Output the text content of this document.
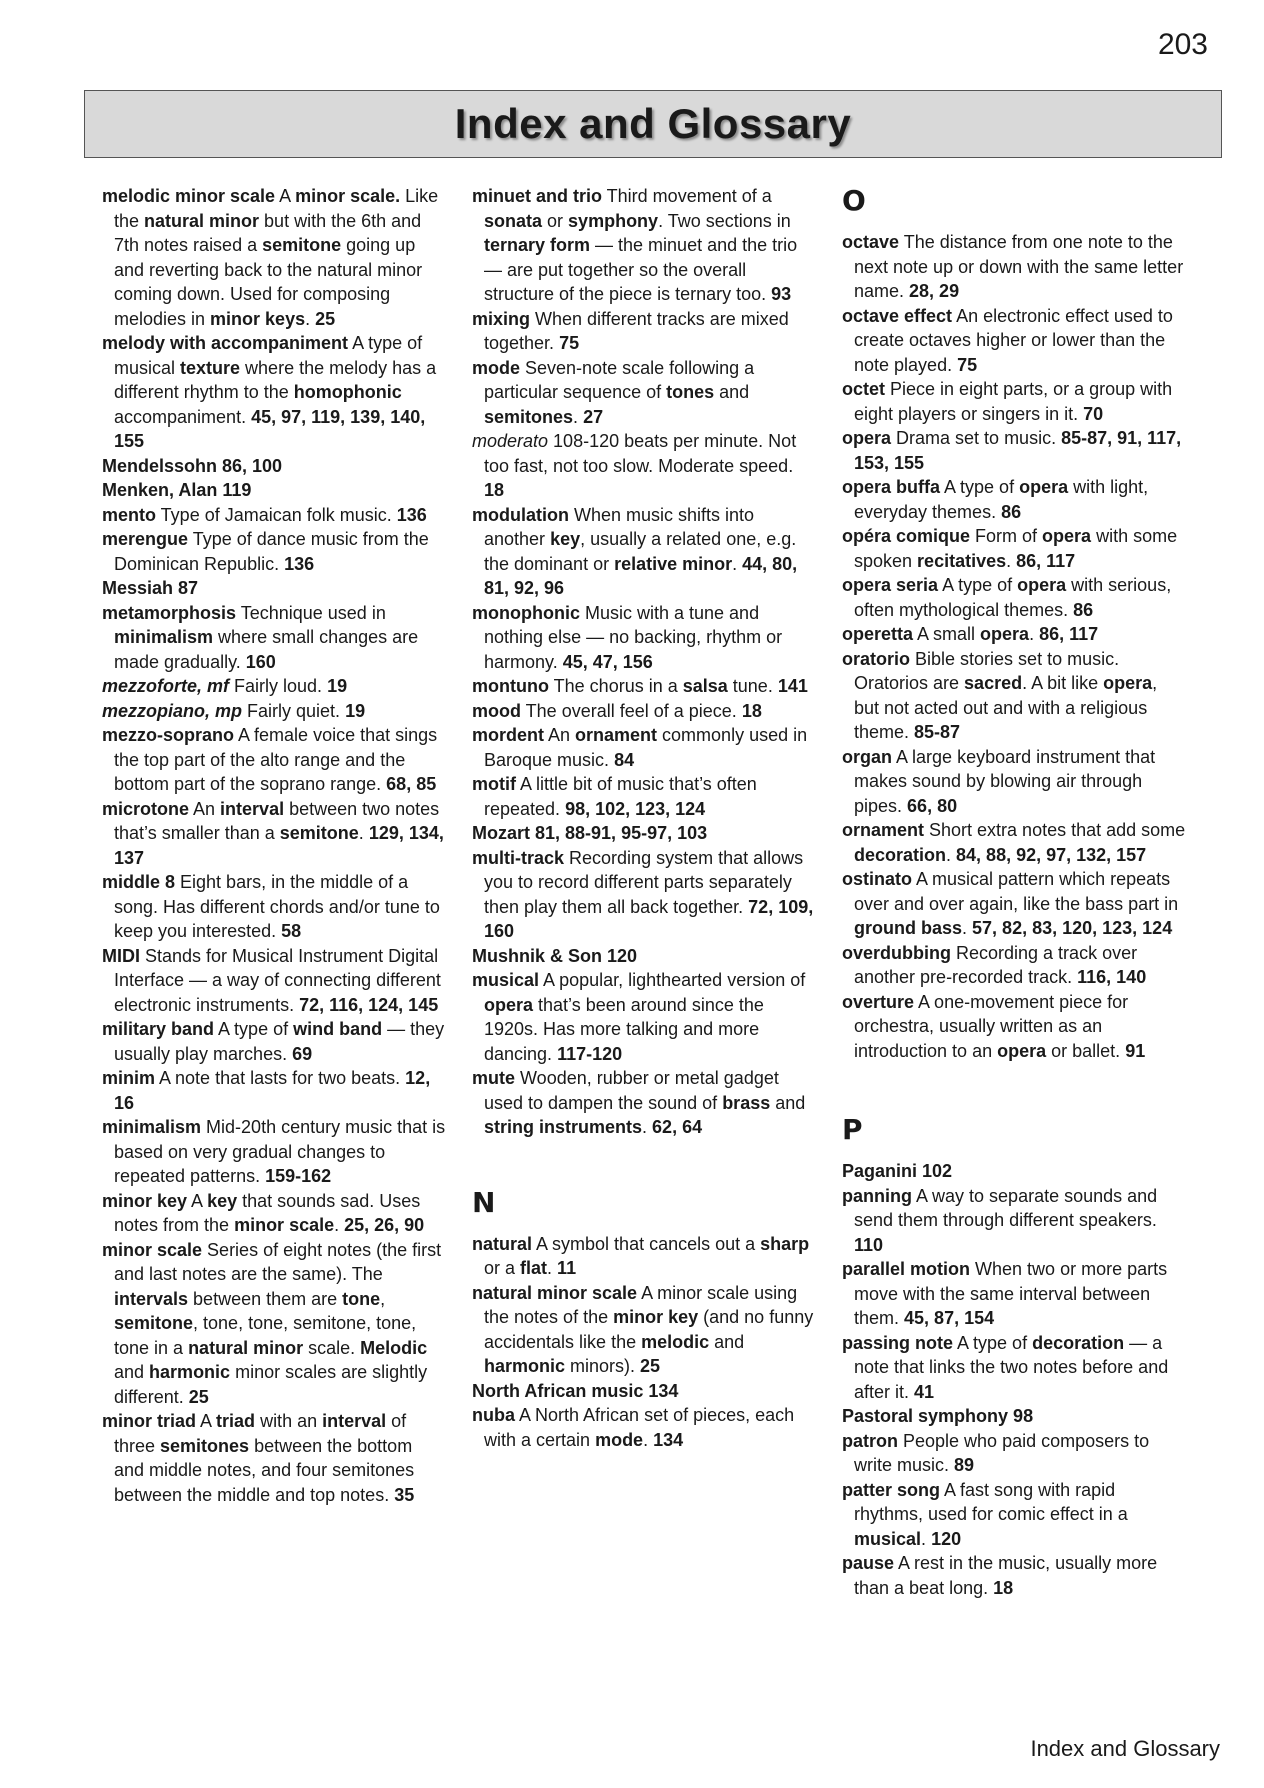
203
Index and Glossary

melodic minor scale A minor scale. Like the natural minor but with the 6th and 7th notes raised a semitone going up and reverting back to the natural minor coming down. Used for composing melodies in minor keys. 25

melody with accompaniment A type of musical texture where the melody has a different rhythm to the homophonic accompaniment. 45, 97, 119, 139, 140, 155

Mendelssohn 86, 100

Menken, Alan 119

mento Type of Jamaican folk music. 136

merengue Type of dance music from the Dominican Republic. 136

Messiah 87

metamorphosis Technique used in minimalism where small changes are made gradually. 160

mezzoforte, mf Fairly loud. 19

mezzopiano, mp Fairly quiet. 19

mezzo-soprano A female voice that sings the top part of the alto range and the bottom part of the soprano range. 68, 85

microtone An interval between two notes that’s smaller than a semitone. 129, 134, 137

middle 8 Eight bars, in the middle of a song. Has different chords and/or tune to keep you interested. 58

MIDI Stands for Musical Instrument Digital Interface — a way of connecting different electronic instruments. 72, 116, 124, 145

military band A type of wind band — they usually play marches. 69

minim A note that lasts for two beats. 12, 16

minimalism Mid-20th century music that is based on very gradual changes to repeated patterns. 159-162

minor key A key that sounds sad. Uses notes from the minor scale. 25, 26, 90

minor scale Series of eight notes (the first and last notes are the same). The intervals between them are tone, semitone, tone, tone, semitone, tone, tone in a natural minor scale. Melodic and harmonic minor scales are slightly different. 25

minor triad A triad with an interval of three semitones between the bottom and middle notes, and four semitones between the middle and top notes. 35

minuet and trio Third movement of a sonata or symphony. Two sections in ternary form — the minuet and the trio — are put together so the overall structure of the piece is ternary too. 93

mixing When different tracks are mixed together. 75

mode Seven-note scale following a particular sequence of tones and semitones. 27

moderato 108-120 beats per minute. Not too fast, not too slow. Moderate speed. 18

modulation When music shifts into another key, usually a related one, e.g. the dominant or relative minor. 44, 80, 81, 92, 96

monophonic Music with a tune and nothing else — no backing, rhythm or harmony. 45, 47, 156

montuno The chorus in a salsa tune. 141

mood The overall feel of a piece. 18

mordent An ornament commonly used in Baroque music. 84

motif A little bit of music that’s often repeated. 98, 102, 123, 124

Mozart 81, 88-91, 95-97, 103

multi-track Recording system that allows you to record different parts separately then play them all back together. 72, 109, 160

Mushnik & Son 120

musical A popular, lighthearted version of opera that’s been around since the 1920s. Has more talking and more dancing. 117-120

mute Wooden, rubber or metal gadget used to dampen the sound of brass and string instruments. 62, 64

N

natural A symbol that cancels out a sharp or a flat. 11

natural minor scale A minor scale using the notes of the minor key (and no funny accidentals like the melodic and harmonic minors). 25

North African music 134

nuba A North African set of pieces, each with a certain mode. 134

O

octave The distance from one note to the next note up or down with the same letter name. 28, 29

octave effect An electronic effect used to create octaves higher or lower than the note played. 75

octet Piece in eight parts, or a group with eight players or singers in it. 70

opera Drama set to music. 85-87, 91, 117, 153, 155

opera buffa A type of opera with light, everyday themes. 86

opéra comique Form of opera with some spoken recitatives. 86, 117

opera seria A type of opera with serious, often mythological themes. 86

operetta A small opera. 86, 117

oratorio Bible stories set to music. Oratorios are sacred. A bit like opera, but not acted out and with a religious theme. 85-87

organ A large keyboard instrument that makes sound by blowing air through pipes. 66, 80

ornament Short extra notes that add some decoration. 84, 88, 92, 97, 132, 157

ostinato A musical pattern which repeats over and over again, like the bass part in ground bass. 57, 82, 83, 120, 123, 124

overdubbing Recording a track over another pre-recorded track. 116, 140

overture A one-movement piece for orchestra, usually written as an introduction to an opera or ballet. 91

P

Paganini 102

panning A way to separate sounds and send them through different speakers. 110

parallel motion When two or more parts move with the same interval between them. 45, 87, 154

passing note A type of decoration — a note that links the two notes before and after it. 41

Pastoral symphony 98

patron People who paid composers to write music. 89

patter song A fast song with rapid rhythms, used for comic effect in a musical. 120

pause A rest in the music, usually more than a beat long. 18

Index and Glossary
